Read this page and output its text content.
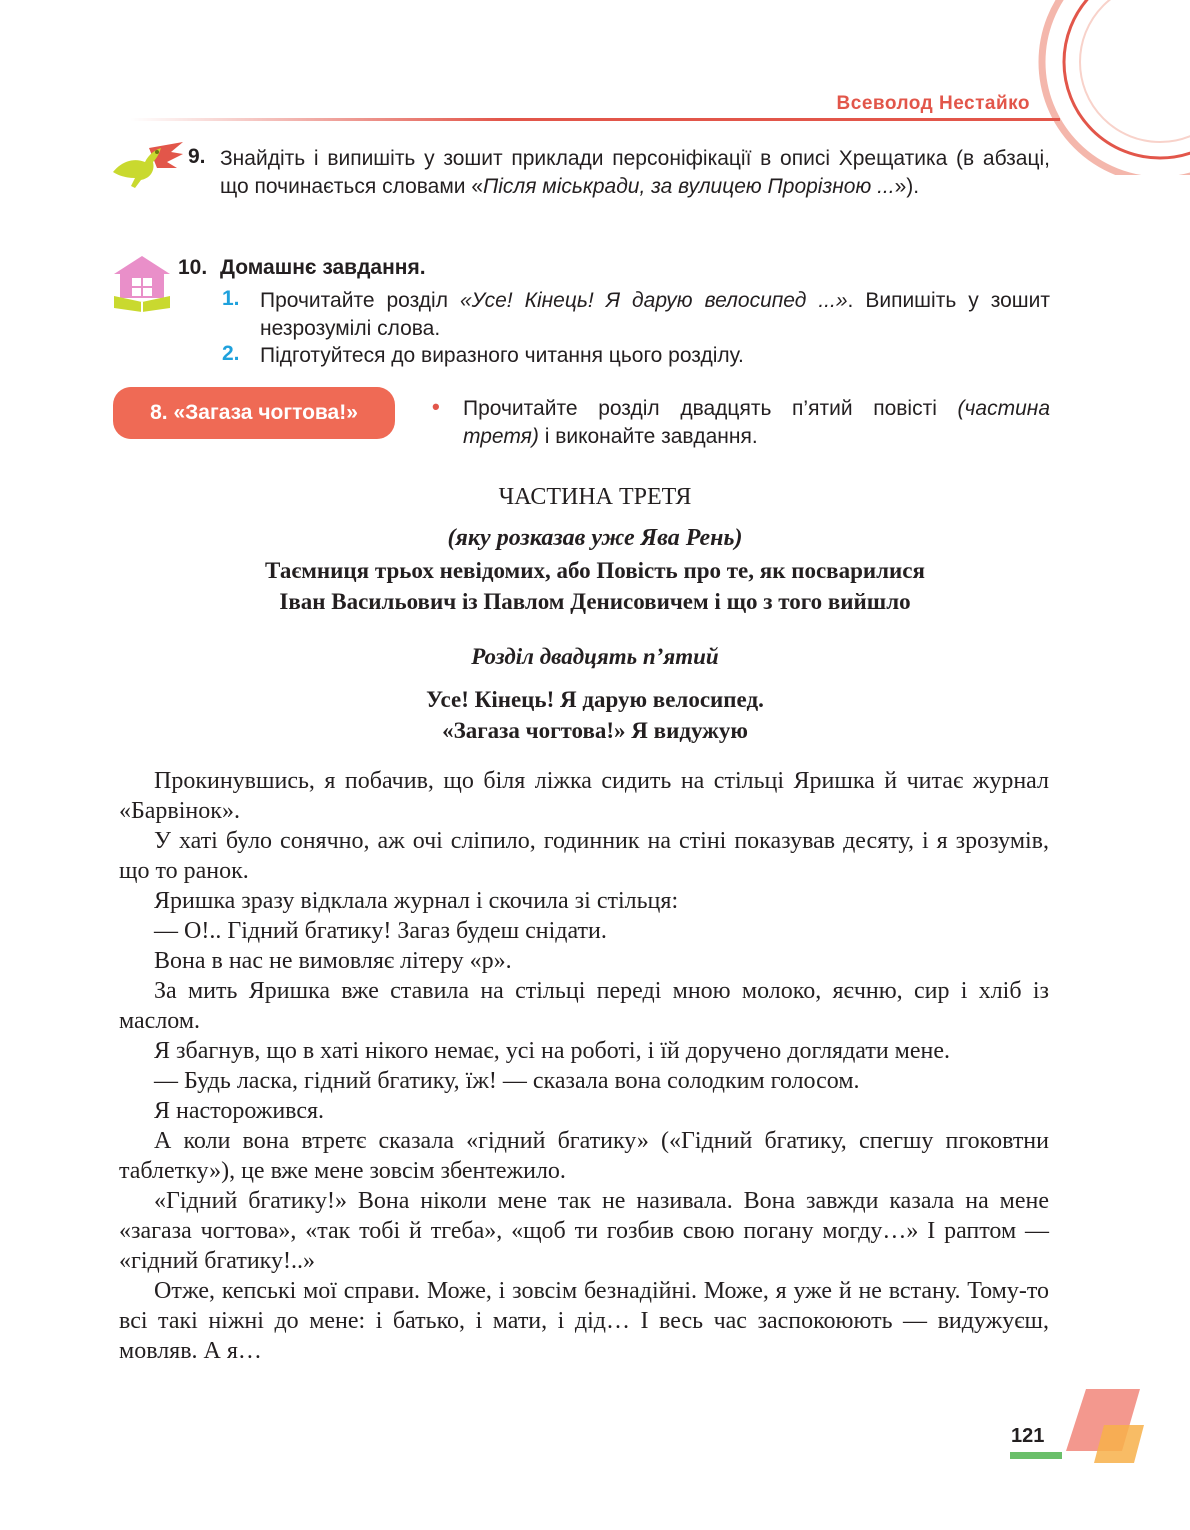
Всеволод Нестайко
9. Знайдіть і випишіть у зошит приклади персоніфікації в описі Хрещатика (в абзаці, що починається словами «Після міськради, за вулицею Прорізною ...»).
10. Домашнє завдання.
1. Прочитайте розділ «Усе! Кінець! Я дарую велосипед ...». Випишіть у зошит незрозумілі слова.
2. Підготуйтеся до виразного читання цього розділу.
8. «Загаза чогтова!»	• Прочитайте розділ двадцять п’ятий повісті (частина третя) і виконайте завдання.
ЧАСТИНА ТРЕТЯ
(яку розказав уже Ява Рень)
Таємниця трьох невідомих, або Повість про те, як посварилися
Іван Васильович із Павлом Денисовичем і що з того вийшло
Розділ двадцять п’ятий
Усе! Кінець! Я дарую велосипед.
«Загаза чогтова!» Я видужую

Прокинувшись, я побачив, що біля ліжка сидить на стільці Яришка й читає журнал «Барвінок».

У хаті було сонячно, аж очі сліпило, годинник на стіні показував десяту, і я зрозумів, що то ранок.

Яришка зразу відклала журнал і скочила зі стільця:

— О!.. Гідний бгатику! Загаз будеш снідати.

Вона в нас не вимовляє літеру «р».

За мить Яришка вже ставила на стільці переді мною молоко, яєчню, сир і хліб із маслом.

Я збагнув, що в хаті нікого немає, усі на роботі, і їй доручено доглядати мене.

— Будь ласка, гідний бгатику, їж! — сказала вона солодким голосом.

Я насторожився.

А коли вона втретє сказала «гідний бгатику» («Гідний бгатику, спегшу пгоковтни таблетку»), це вже мене зовсім збентежило.

«Гідний бгатику!» Вона ніколи мене так не називала. Вона завжди казала на мене «загаза чогтова», «так тобі й тгеба», «щоб ти гозбив свою погану могду…» І раптом — «гідний бгатику!..»

Отже, кепські мої справи. Може, і зовсім безнадійні. Може, я уже й не встану. Тому-то всі такі ніжні до мене: і батько, і мати, і дід… І весь час заспокоюють — видужуєш, мовляв. А я…

121
